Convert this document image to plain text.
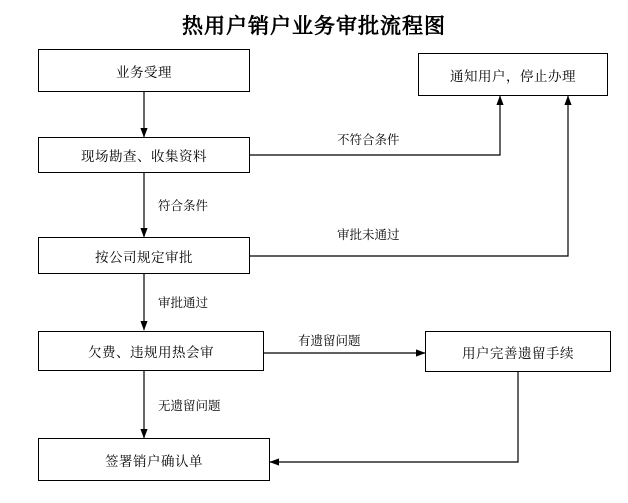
热用户销户业务审批流程图
业务受理	通知用户，停止办理
现场勘查、收集资料
按公司规定审批
欠费、违规用热会审	用户完善遗留手续
签署销户确认单
不符合条件
符合条件
审批未通过
审批通过
有遗留问题
无遗留问题
